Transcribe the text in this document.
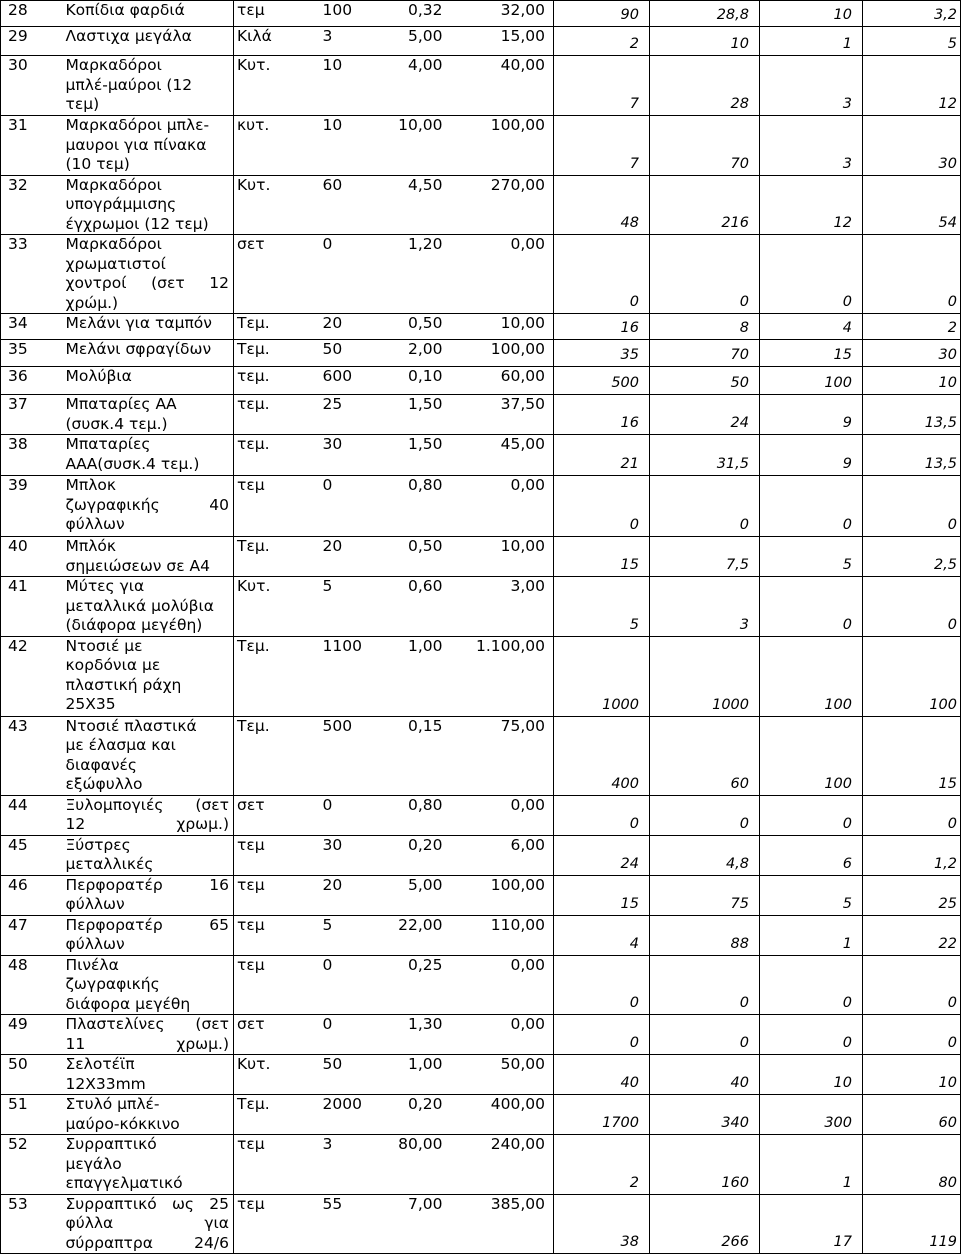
28	Κοπίδια φαρδιά	τεμ	100	0,32	32,00	90	28,8	10	3,2
29	Λαστιχα μεγάλα	Κιλά	3	5,00	15,00	2	10	1	5
30	Μαρκαδόροι
μπλέ-μαύροι (12
τεμ)	Κυτ.	10	4,00	40,00	7	28	3	12
31	Μαρκαδόροι μπλε-
μαυροι για πίνακα
(10 τεμ)	κυτ.	10	10,00	100,00	7	70	3	30
32	Μαρκαδόροι
υπογράμμισης
έγχρωμοι (12 τεμ)	Κυτ.	60	4,50	270,00	48	216	12	54
33	Μαρκαδόροι
χρωματιστοί
χοντροί (σετ 12
χρώμ.)	σετ	0	1,20	0,00	0	0	0	0
34	Μελάνι για ταμπόν	Τεμ.	20	0,50	10,00	16	8	4	2
35	Μελάνι σφραγίδων	Τεμ.	50	2,00	100,00	35	70	15	30
36	Μολύβια	τεμ.	600	0,10	60,00	500	50	100	10
37	Μπαταρίες ΑΑ
(συσκ.4 τεμ.)	τεμ.	25	1,50	37,50	16	24	9	13,5
38	Μπαταρίες
ΑΑΑ(συσκ.4 τεμ.)	τεμ.	30	1,50	45,00	21	31,5	9	13,5
39	Μπλοκ
ζωγραφικής 40
φύλλων	τεμ	0	0,80	0,00	0	0	0	0
40	Μπλόκ
σημειώσεων σε Α4	Τεμ.	20	0,50	10,00	15	7,5	5	2,5
41	Μύτες για
μεταλλικά μολύβια
(διάφορα μεγέθη)	Κυτ.	5	0,60	3,00	5	3	0	0
42	Ντοσιέ με
κορδόνια με
πλαστική ράχη
25Χ35	Τεμ.	1100	1,00	1.100,00	1000	1000	100	100
43	Ντοσιέ πλαστικά
με έλασμα και
διαφανές
εξώφυλλο	Τεμ.	500	0,15	75,00	400	60	100	15
44	Ξυλομπογιές (σετ
12 χρωμ.)	σετ	0	0,80	0,00	0	0	0	0
45	Ξύστρες
μεταλλικές	τεμ	30	0,20	6,00	24	4,8	6	1,2
46	Περφορατέρ 16
φύλλων	τεμ	20	5,00	100,00	15	75	5	25
47	Περφορατέρ 65
φύλλων	τεμ	5	22,00	110,00	4	88	1	22
48	Πινέλα
ζωγραφικής
διάφορα μεγέθη	τεμ	0	0,25	0,00	0	0	0	0
49	Πλαστελίνες (σετ
11 χρωμ.)	σετ	0	1,30	0,00	0	0	0	0
50	Σελοτέϊπ
12Χ33mm	Κυτ.	50	1,00	50,00	40	40	10	10
51	Στυλό μπλέ-
μαύρο-κόκκινο	Τεμ.	2000	0,20	400,00	1700	340	300	60
52	Συρραπτικό
μεγάλο
επαγγελματικό	τεμ	3	80,00	240,00	2	160	1	80
53	Συρραπτικό ως 25
φύλλα για
σύρραπτρα 24/6	τεμ	55	7,00	385,00	38	266	17	119
